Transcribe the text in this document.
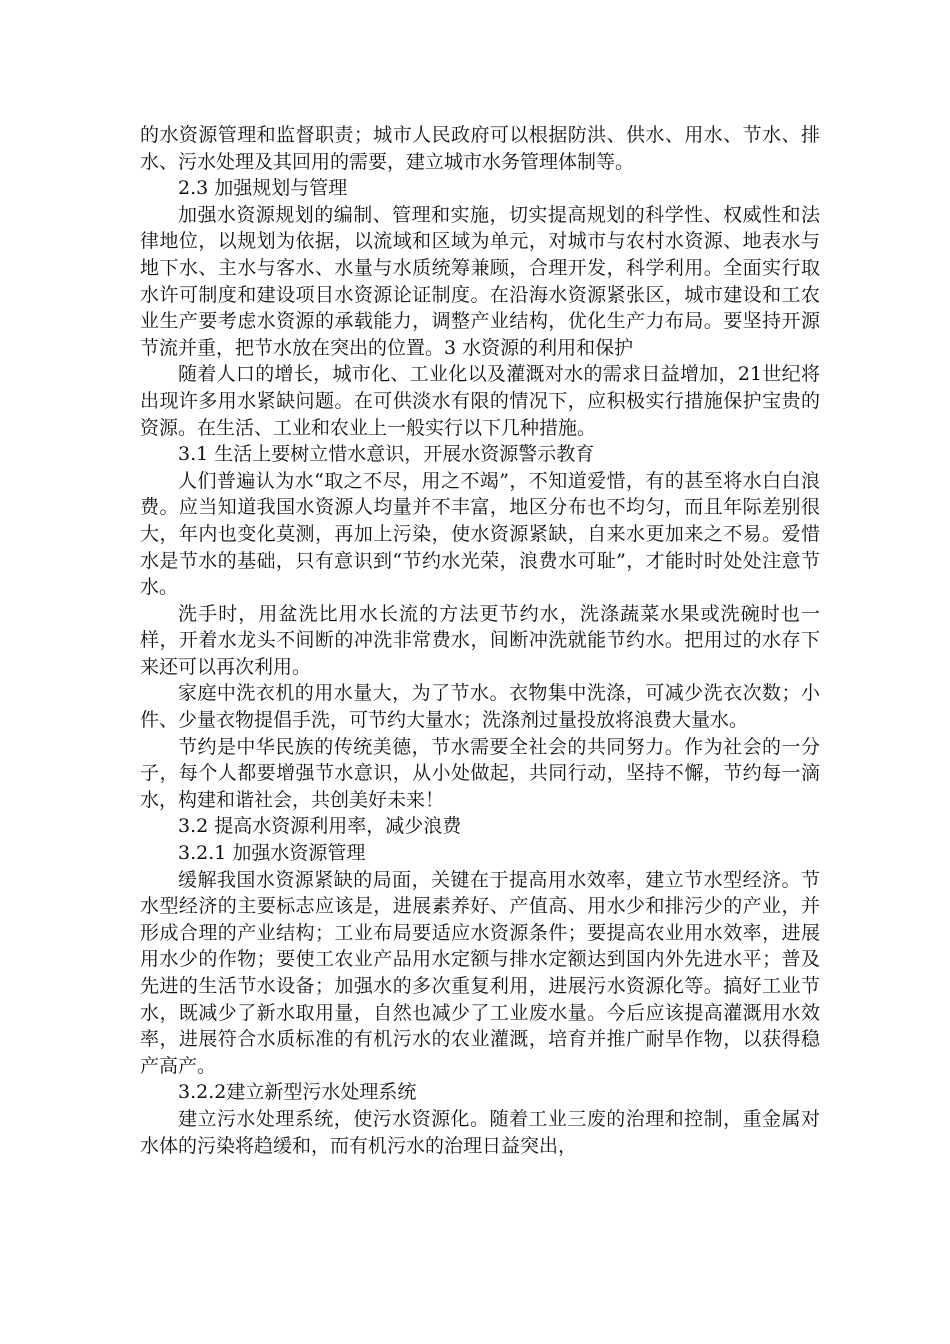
的水资源管理和监督职责；城市人民政府可以根据防洪、供水、用水、节水、排水、污水处理及其回用的需要，建立城市水务管理体制等。

2.3 加强规划与管理

加强水资源规划的编制、管理和实施，切实提高规划的科学性、权威性和法律地位，以规划为依据，以流域和区域为单元，对城市与农村水资源、地表水与地下水、主水与客水、水量与水质统筹兼顾，合理开发，科学利用。全面实行取水许可制度和建设项目水资源论证制度。在沿海水资源紧张区，城市建设和工农业生产要考虑水资源的承载能力，调整产业结构，优化生产力布局。要坚持开源节流并重，把节水放在突出的位置。3 水资源的利用和保护

随着人口的增长，城市化、工业化以及灌溉对水的需求日益增加，21世纪将出现许多用水紧缺问题。在可供淡水有限的情况下，应积极实行措施保护宝贵的资源。在生活、工业和农业上一般实行以下几种措施。

3.1 生活上要树立惜水意识，开展水资源警示教育

人们普遍认为水“取之不尽，用之不竭”，不知道爱惜，有的甚至将水白白浪费。应当知道我国水资源人均量并不丰富，地区分布也不均匀，而且年际差别很大，年内也变化莫测，再加上污染，使水资源紧缺，自来水更加来之不易。爱惜水是节水的基础，只有意识到“节约水光荣，浪费水可耻”，才能时时处处注意节水。

洗手时，用盆洗比用水长流的方法更节约水，洗涤蔬菜水果或洗碗时也一样，开着水龙头不间断的冲洗非常费水，间断冲洗就能节约水。把用过的水存下来还可以再次利用。

家庭中洗衣机的用水量大，为了节水。衣物集中洗涤，可减少洗衣次数；小件、少量衣物提倡手洗，可节约大量水；洗涤剂过量投放将浪费大量水。

节约是中华民族的传统美德，节水需要全社会的共同努力。作为社会的一分子，每个人都要增强节水意识，从小处做起，共同行动，坚持不懈，节约每一滴水，构建和谐社会，共创美好未来！

3.2 提高水资源利用率，减少浪费

3.2.1 加强水资源管理

缓解我国水资源紧缺的局面，关键在于提高用水效率，建立节水型经济。节水型经济的主要标志应该是，进展素养好、产值高、用水少和排污少的产业，并形成合理的产业结构；工业布局要适应水资源条件；要提高农业用水效率，进展用水少的作物；要使工农业产品用水定额与排水定额达到国内外先进水平；普及先进的生活节水设备；加强水的多次重复利用，进展污水资源化等。搞好工业节水，既减少了新水取用量，自然也减少了工业废水量。今后应该提高灌溉用水效率，进展符合水质标准的有机污水的农业灌溉，培育并推广耐旱作物，以获得稳产高产。

3.2.2建立新型污水处理系统

建立污水处理系统，使污水资源化。随着工业三废的治理和控制，重金属对水体的污染将趋缓和，而有机污水的治理日益突出，
